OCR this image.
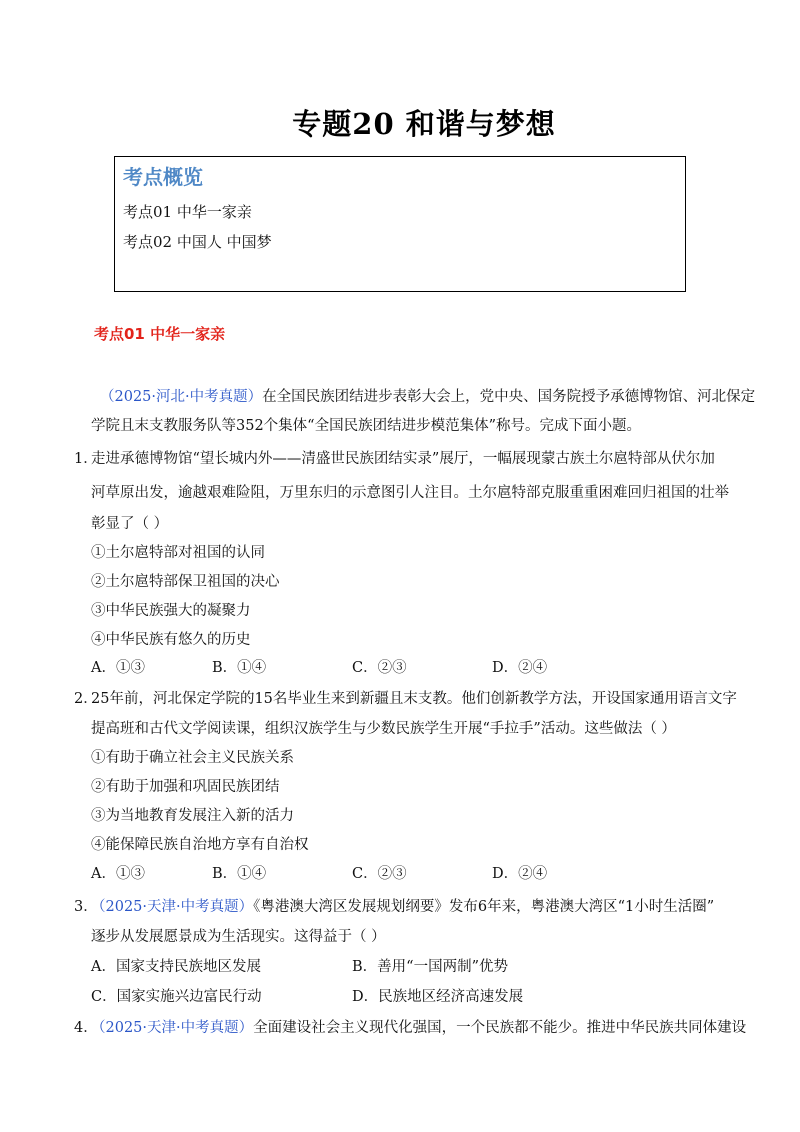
专题20 和谐与梦想
考点概览
考点01 中华一家亲
考点02 中国人 中国梦
考点01 中华一家亲
（2025·河北·中考真题）在全国民族团结进步表彰大会上，党中央、国务院授予承德博物馆、河北保定
学院且末支教服务队等352个集体“全国民族团结进步模范集体”称号。完成下面小题。
1．
走进承德博物馆“望长城内外——清盛世民族团结实录”展厅，一幅展现蒙古族土尔扈特部从伏尔加
河草原出发，逾越艰难险阻，万里东归的示意图引人注目。土尔扈特部克服重重困难回归祖国的壮举
彰显了（ ）
①土尔扈特部对祖国的认同
②土尔扈特部保卫祖国的决心
③中华民族强大的凝聚力
④中华民族有悠久的历史
A．①③	B．①④	C．②③	D．②④
2．
25年前，河北保定学院的15名毕业生来到新疆且末支教。他们创新教学方法，开设国家通用语言文字
提高班和古代文学阅读课，组织汉族学生与少数民族学生开展“手拉手”活动。这些做法（ ）
①有助于确立社会主义民族关系
②有助于加强和巩固民族团结
③为当地教育发展注入新的活力
④能保障民族自治地方享有自治权
A．①③	B．①④	C．②③	D．②④
3．
（2025·天津·中考真题）《粤港澳大湾区发展规划纲要》发布6年来，粤港澳大湾区“1小时生活圈”
逐步从发展愿景成为生活现实。这得益于（ ）
A．国家支持民族地区发展	B．善用“一国两制”优势
C．国家实施兴边富民行动	D．民族地区经济高速发展
4．
（2025·天津·中考真题）全面建设社会主义现代化强国，一个民族都不能少。推进中华民族共同体建设
